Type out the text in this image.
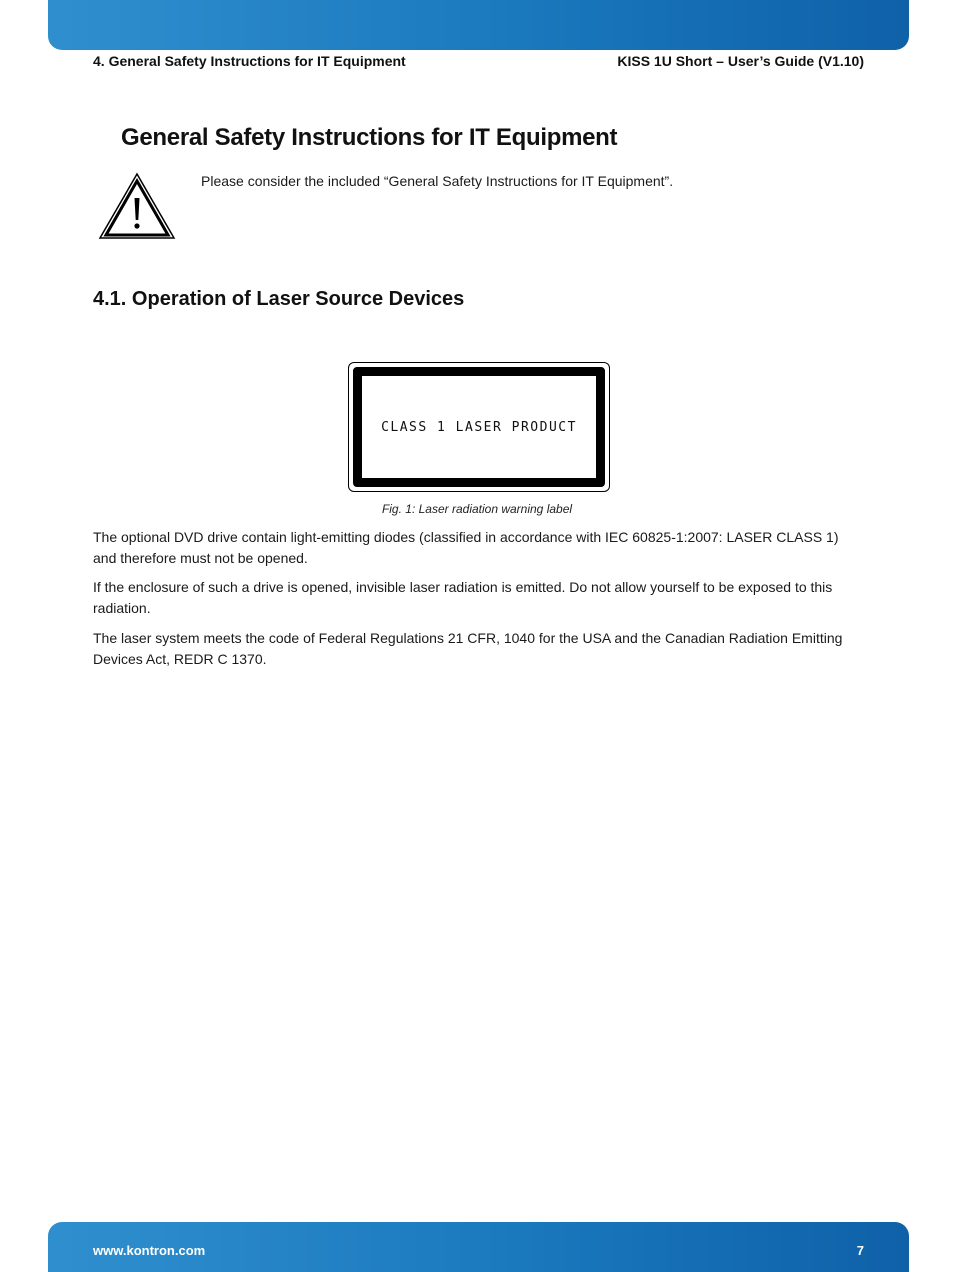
4. General Safety Instructions for IT Equipment	KISS 1U Short – User’s Guide (V1.10)
General Safety Instructions for IT Equipment
Please consider the included “General Safety Instructions for IT Equipment”.
4.1. Operation of Laser Source Devices
CLASS 1 LASER PRODUCT
Fig. 1: Laser radiation warning label

The optional DVD drive contain light-emitting diodes (classified in accordance with IEC 60825-1:2007: LASER CLASS 1) and therefore must not be opened.

If the enclosure of such a drive is opened, invisible laser radiation is emitted. Do not allow yourself to be exposed to this radiation.

The laser system meets the code of Federal Regulations 21 CFR, 1040 for the USA and the Canadian Radiation Emitting Devices Act, REDR C 1370.

www.kontron.com	7
